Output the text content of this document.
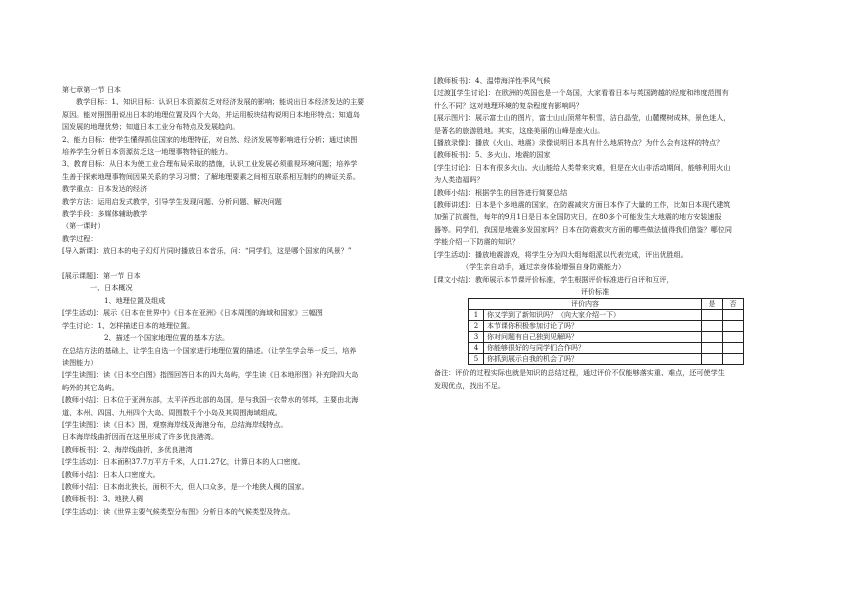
第七章第一节 日本
教学目标：1、知识目标：认识日本资源贫乏对经济发展的影响；能说出日本经济发达的主要
原因。能对照图册说出日本的地理位置及四个大岛，并运用板块结构说明日本地形特点；知道岛
国发展的地理优势；知道日本工业分布特点及发展趋向。
2、能力目标：使学生懂得抓住国家的地理特征，对自然、经济发展等影响进行分析；通过读图
培养学生分析日本资源贫乏这一地理事物特征的能力。
3、教育目标：从日本为使工业合理布局采取的措施，认识工业发展必须重视环境问题；培养学
生善于探索地理事物间因果关系的学习习惯；了解地理要素之间相互联系相互制约的辨证关系。
教学重点：日本发达的经济
教学方法：运用启发式教学，引导学生发现问题、分析问题、解决问题
教学手段：多媒体辅助教学
（第一课时）
教学过程：
[导入新课]：放日本的电子幻灯片同时播放日本音乐，问：“同学们，这是哪个国家的风景？”
[展示课题]：第一节 日本
一、日本概况
1、地理位置及组成
[学生活动]：展示《日本在世界中》《日本在亚洲》《日本周围的海域和国家》三幅图
学生讨论：1、怎样描述日本的地理位置。
2、描述一个国家地理位置的基本方法。
在总结方法的基础上，让学生自选一个国家进行地理位置的描述。（让学生学会举一反三，培养
读图能力）
[学生读图]：读《日本空白图》指图回答日本的四大岛屿，学生读《日本地形图》补充除四大岛
屿外的其它岛屿。
[教师小结]：日本位于亚洲东部，太平洋西北部的岛国，是与我国一衣带水的邻邦，主要由北海
道、本州、四国、九州四个大岛、周围数千个小岛及其周围海域组成。
[学生读图]：读《日本》图，观察海岸线及海港分布，总结海岸线特点。
日本海岸线曲折因而在这里形成了许多优良港湾。
[教师板书]：2、海岸线曲折，多优良港湾
[学生活动]：日本面积37.7万平方千米，人口1.27亿，计算日本的人口密度。
[教师小结]：日本人口密度大。
[教师小结]：日本南北狭长，面积不大，但人口众多，是一个地狭人稠的国家。
[教师板书]：3、地狭人稠
[学生活动]：读《世界主要气候类型分布图》分析日本的气候类型及特点。
[教师板书]：4、温带海洋性季风气候
[过渡][学生讨论]：在欧洲的英国也是一个岛国，大家看看日本与英国跨越的经度和纬度范围有
什么不同？这对地理环境的复杂程度有影响吗？
[展示图片]：展示富士山的图片，富士山山顶常年积雪，洁白晶莹，山麓樱树成林，景色迷人，
是著名的旅游胜地。其实，这座美丽的山峰是座火山。
[播放录像]：播放《火山、地震》录像说明日本具有什么地质特点？为什么会有这样的特点？
[教师板书]：5、多火山、地震的国家
[学生讨论]：日本有很多火山。火山能给人类带来灾难，但是在火山非活动期间，能够利用火山
为人类造福吗？
[教师小结]：根据学生的回答进行简要总结
[教师讲述]：日本是个多地震的国家，在防震减灾方面日本作了大量的工作，比如日本现代建筑
加强了抗震性，每年的9月1日是日本全国防灾日，在80多个可能发生大地震的地方安装速报
器等。同学们，我国是地震多发国家吗？日本在防震救灾方面的哪些做法值得我们借鉴？哪位同
学能介绍一下防震的知识？
[学生活动]：播放地震游戏，将学生分为四大组每组派以代表完成，评出优胜组。
（学生亲自动手，通过亲身体验增强自身防震能力）
[课文小结]：教师展示本节课评价标准，学生根据评价标准进行自评和互评，
评价标准
评价内容		是	否
1	你又学到了新知识吗？（向大家介绍一下）		
2	本节课你积极参加讨论了吗？		
3	你对问题有自己独到见解吗？		
4	你能够很好的与同学们合作吗？		
5	你抓到展示自我的机会了吗？		
备注：评价的过程实际也就是知识的总结过程，通过评价不仅能够落实重、难点，还可使学生
发现优点，找出不足。
